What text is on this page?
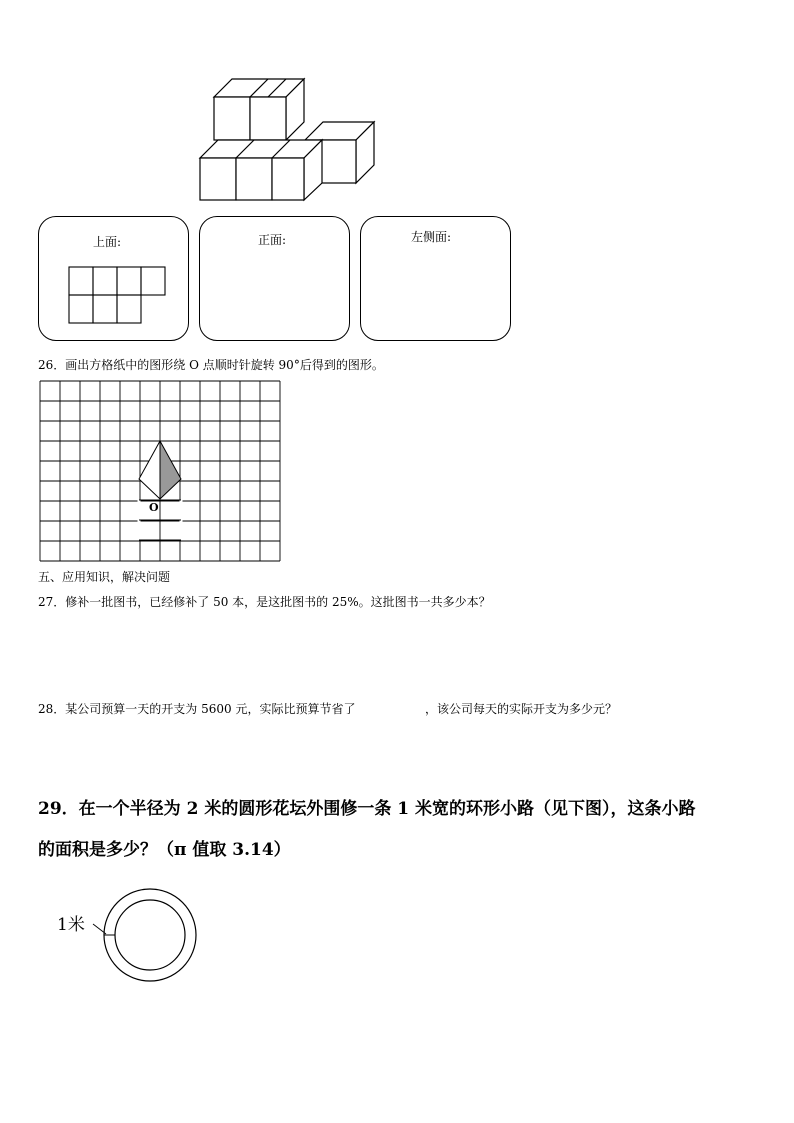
上面:	正面:	左侧面:
26．画出方格纸中的图形绕 O 点顺时针旋转 90°后得到的图形。
O
五、应用知识，解决问题
27．修补一批图书，已经修补了 50 本，是这批图书的 25%。这批图书一共多少本？
28．某公司预算一天的开支为 5600 元，实际比预算节省了	，该公司每天的实际开支为多少元？
29．在一个半径为 2 米的圆形花坛外围修一条 1 米宽的环形小路（见下图），这条小路
的面积是多少？（π 值取 3.14）
1米
